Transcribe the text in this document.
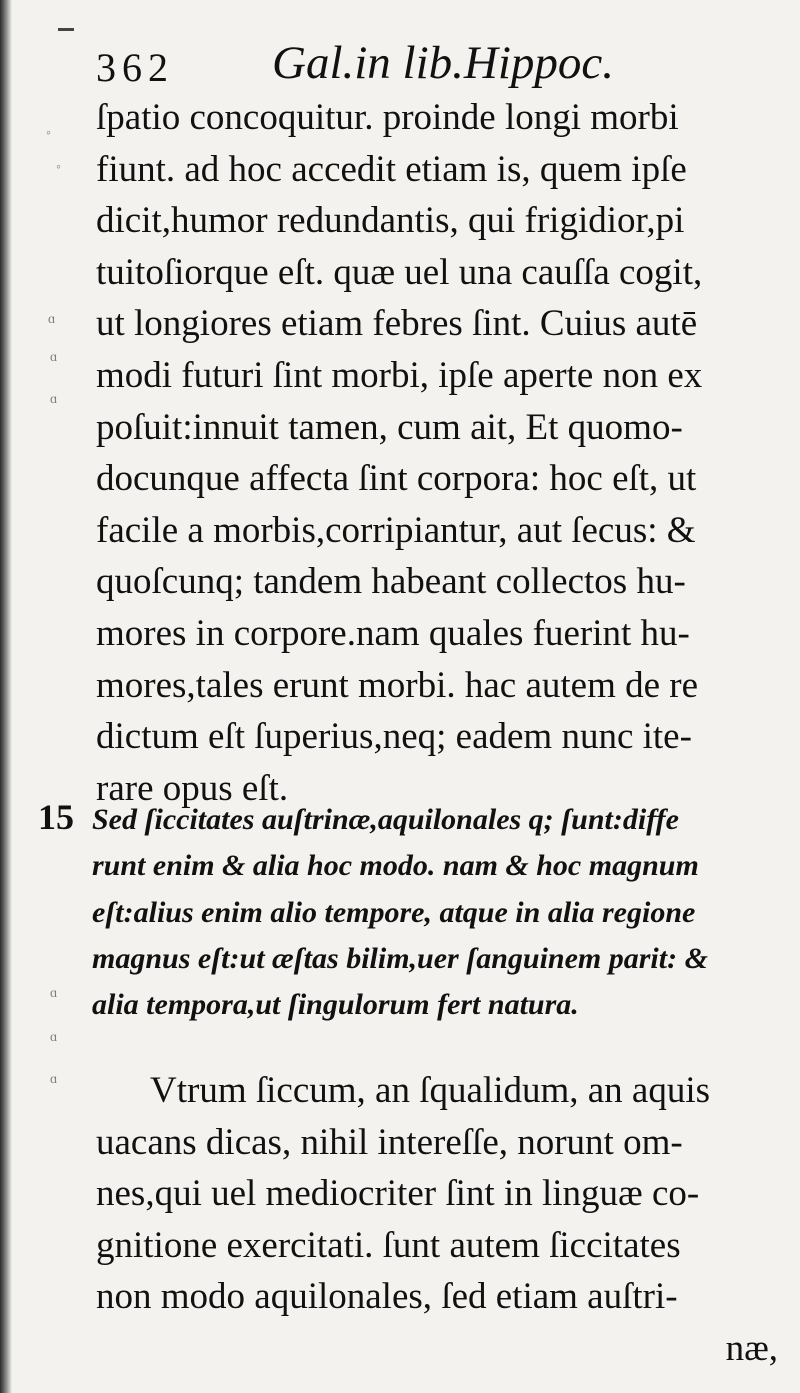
362 Gal.in lib.Hippoc.
◦
◦
ɑ
ɑ
ɑ
ɑ
ɑ
ɑ
ſpatio concoquitur. proinde longi morbi
fiunt. ad hoc accedit etiam is, quem ipſe
dicit,humor redundantis, qui frigidior,pi
tuitoſiorque eſt. quæ uel una cauſſa cogit,
ut longiores etiam febres ſint. Cuius autē
modi futuri ſint morbi, ipſe aperte non ex
poſuit:innuit tamen, cum ait, Et quomo-
docunque affecta ſint corpora: hoc eſt, ut
facile a morbis,corripiantur, aut ſecus: &
quoſcunq; tandem habeant collectos hu-
mores in corpore.nam quales fuerint hu-
mores,tales erunt morbi. hac autem de re
dictum eſt ſuperius,neq; eadem nunc ite-
rare opus eſt.
15 Sed ſiccitates auſtrinæ,aquilonales q; ſunt:diffe
runt enim & alia hoc modo. nam & hoc magnum
eſt:alius enim alio tempore, atque in alia regione
magnus eſt:ut æſtas bilim,uer ſanguinem parit: &
alia tempora,ut ſingulorum fert natura.
Vtrum ſiccum, an ſqualidum, an aquis
uacans dicas, nihil intereſſe, norunt om-
nes,qui uel mediocriter ſint in linguæ co-
gnitione exercitati. ſunt autem ſiccitates
non modo aquilonales, ſed etiam auſtri-
næ,
